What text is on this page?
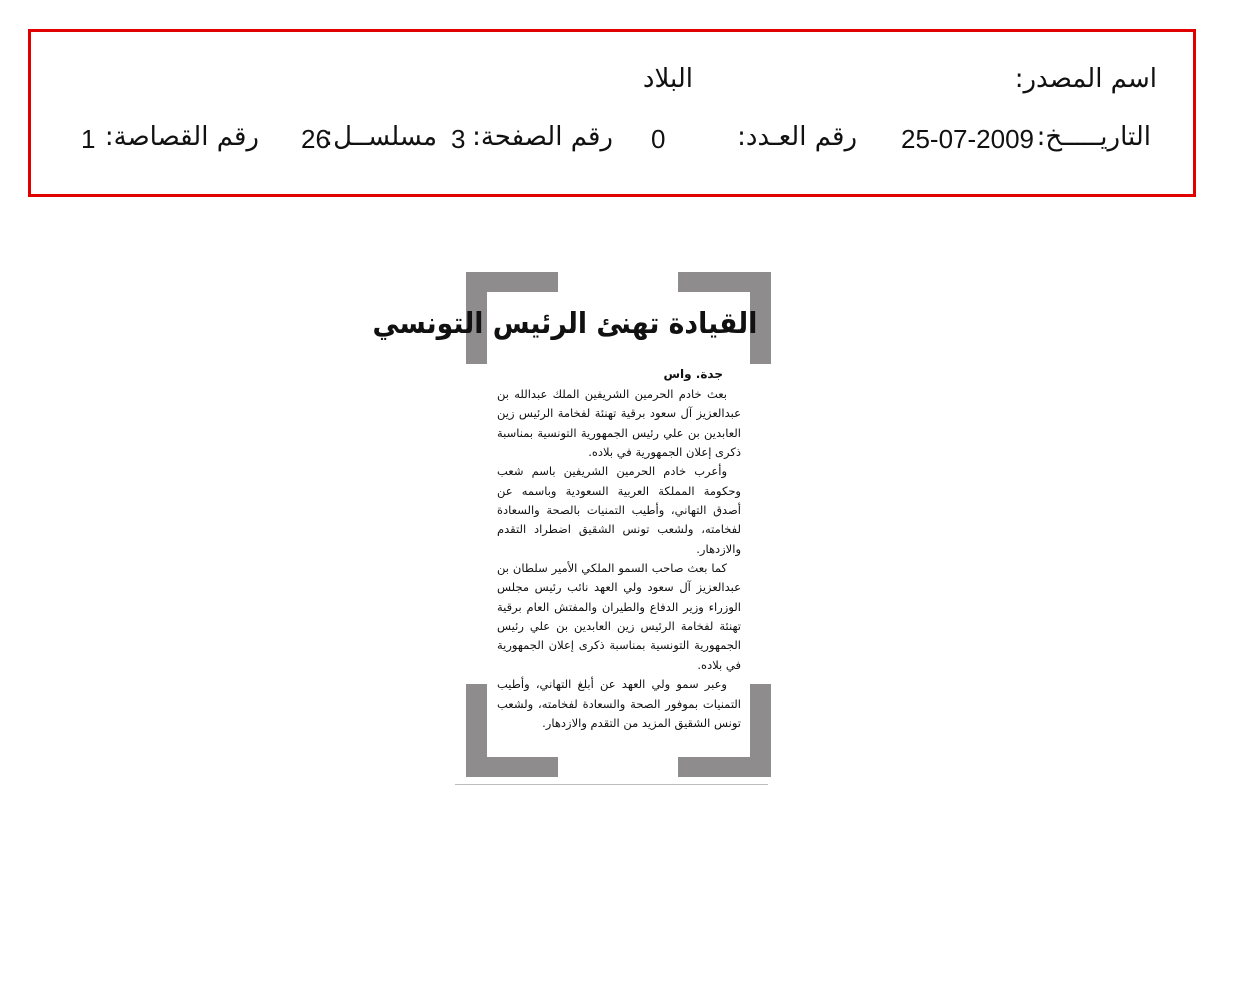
اسم المصدر:
البلاد
التاريـــــخ:
25-07-2009
رقم العـدد:
0
رقم الصفحة:
3
مسلســل:
26
رقم القصاصة:
1
القيادة تهنئ الرئيس التونسي
جدة. واس

بعث خادم الحرمين الشريفين الملك عبدالله بن عبدالعزيز آل سعود برقية تهنئة لفخامة الرئيس زين العابدين بن علي رئيس الجمهورية التونسية بمناسبة ذكرى إعلان الجمهورية في بلاده.

وأعرب خادم الحرمين الشريفين باسم شعب وحكومة المملكة العربية السعودية وباسمه عن أصدق التهاني، وأطيب التمنيات بالصحة والسعادة لفخامته، ولشعب تونس الشقيق اضطراد التقدم والازدهار.

كما بعث صاحب السمو الملكي الأمير سلطان بن عبدالعزيز آل سعود ولي العهد نائب رئيس مجلس الوزراء وزير الدفاع والطيران والمفتش العام برقية تهنئة لفخامة الرئيس زين العابدين بن علي رئيس الجمهورية التونسية بمناسبة ذكرى إعلان الجمهورية في بلاده.

وعبر سمو ولي العهد عن أبلغ التهاني، وأطيب التمنيات بموفور الصحة والسعادة لفخامته، ولشعب تونس الشقيق المزيد من التقدم والازدهار.
